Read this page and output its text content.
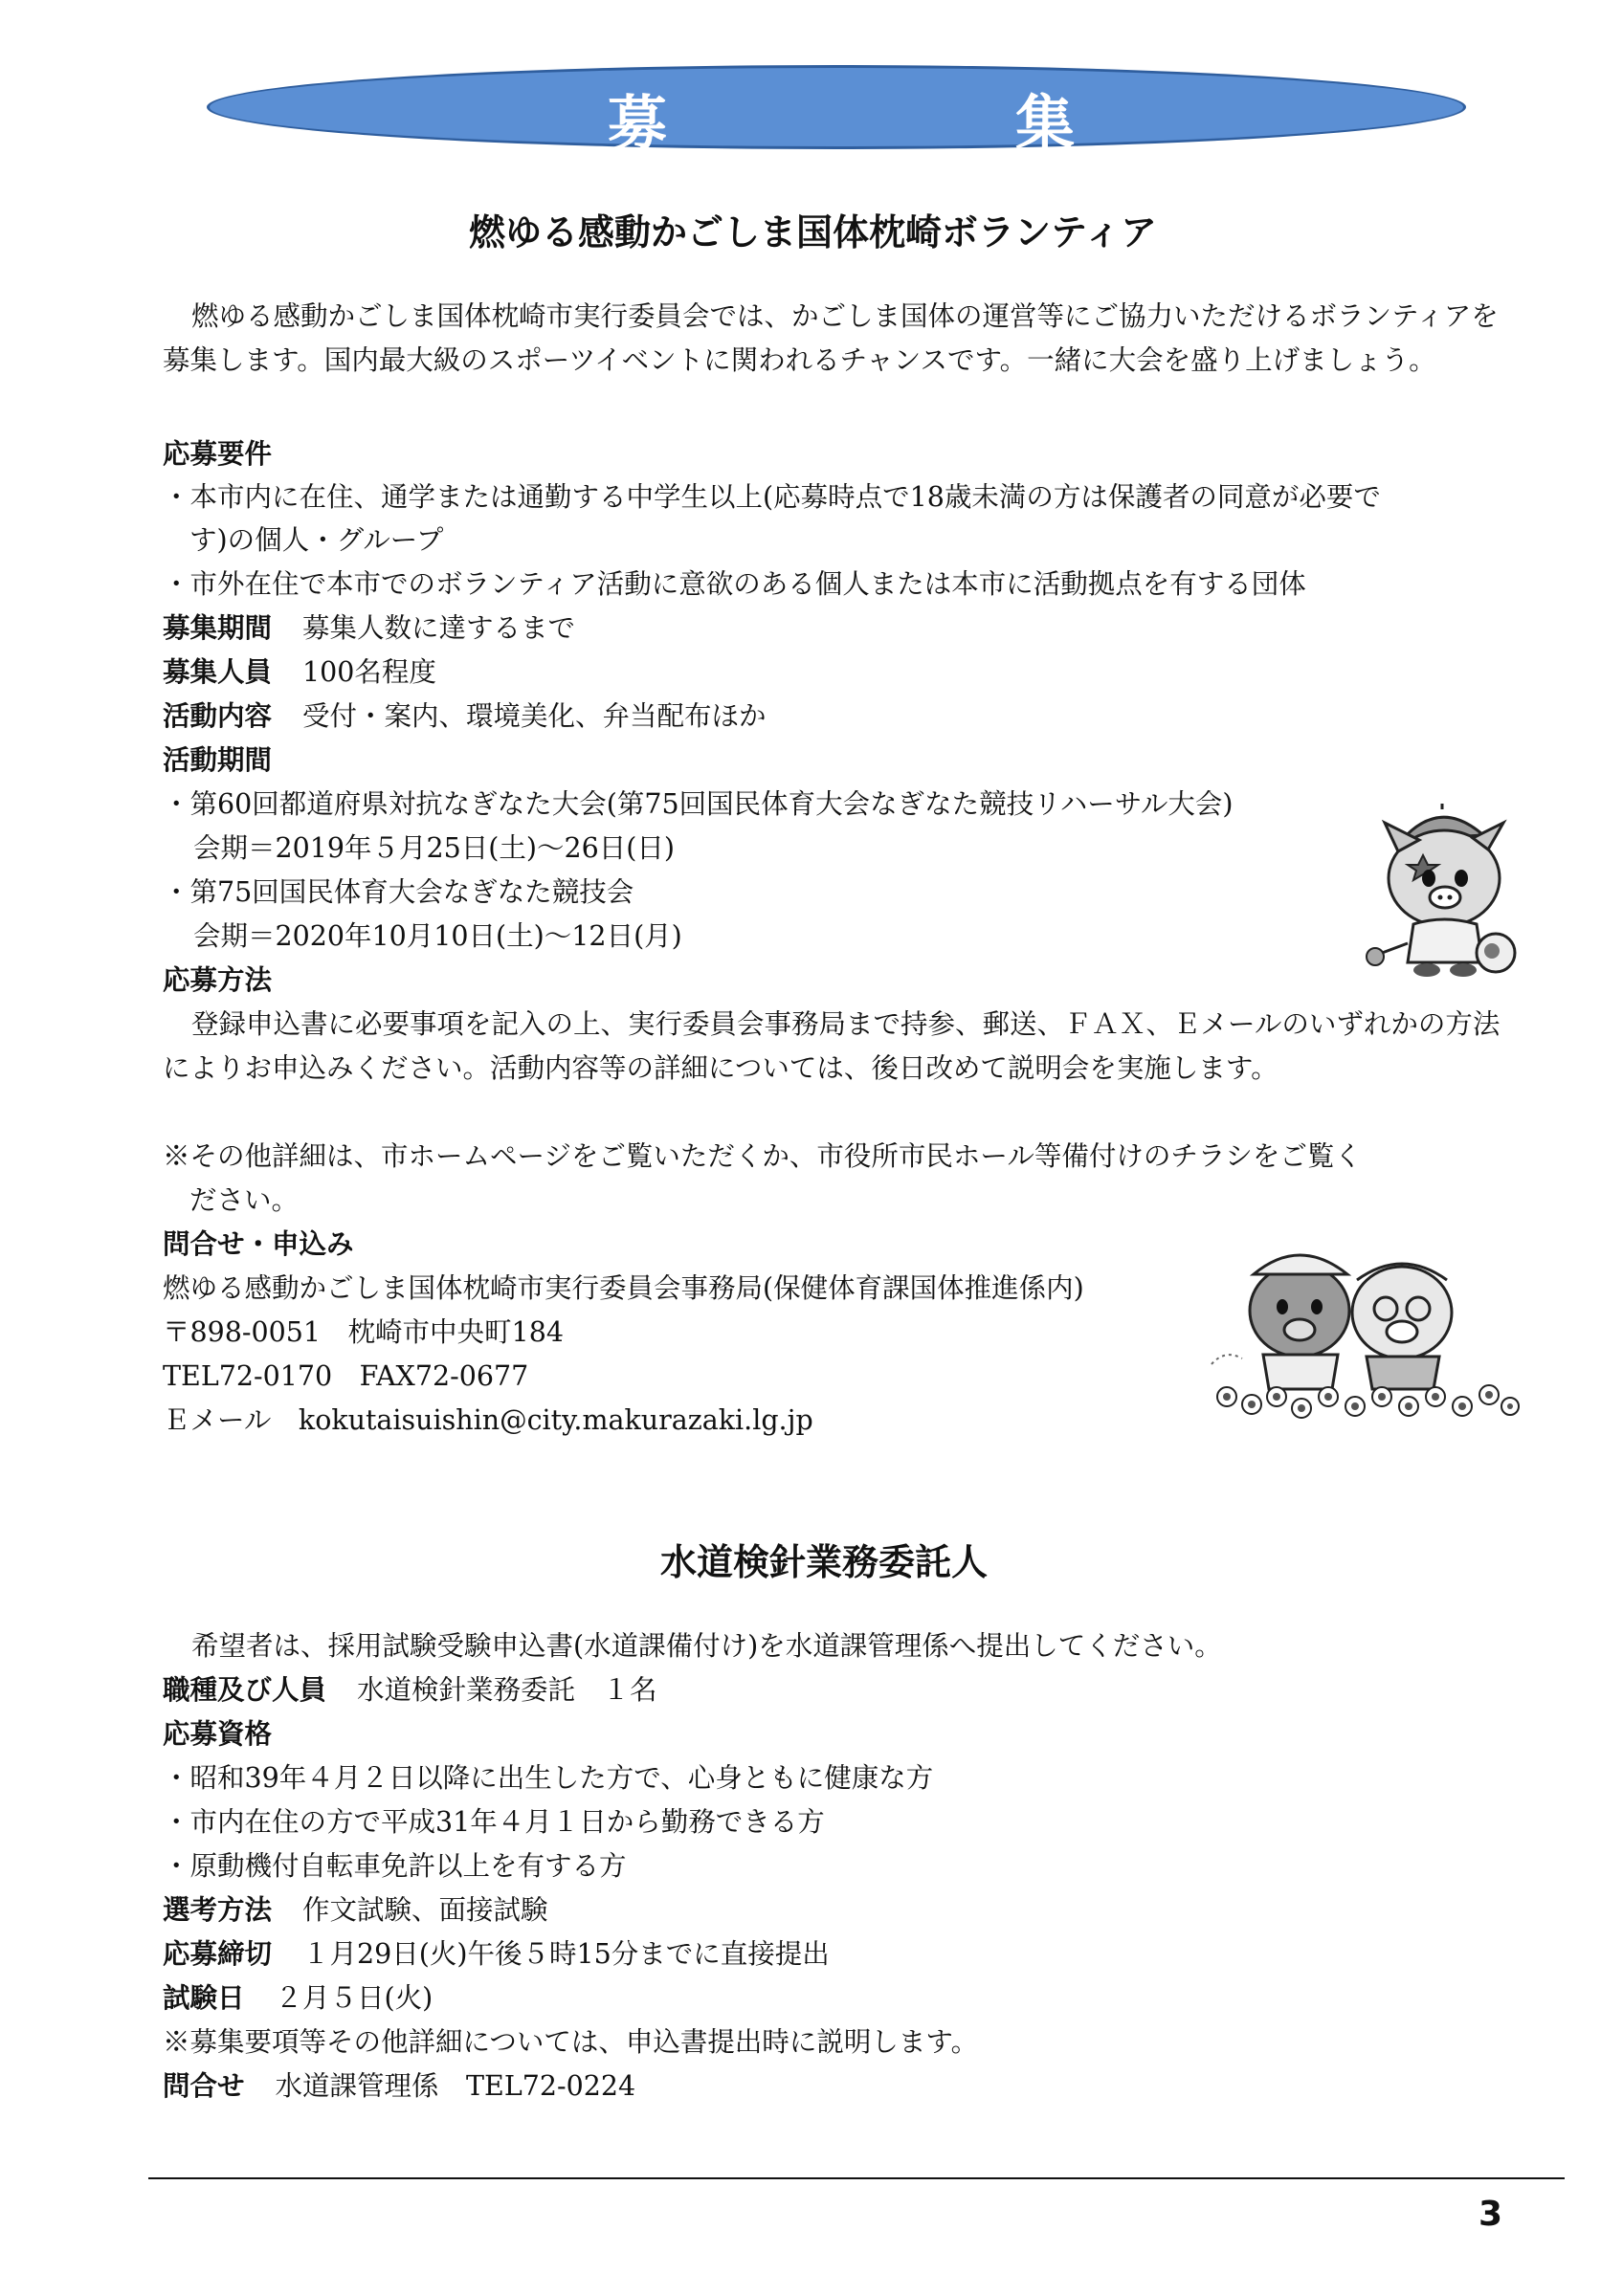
募	集
燃ゆる感動かごしま国体枕崎ボランティア
燃ゆる感動かごしま国体枕崎市実行委員会では、かごしま国体の運営等にご協力いただけるボランティアを募集します。国内最大級のスポーツイベントに関われるチャンスです。一緒に大会を盛り上げましょう。
応募要件
・本市内に在住、通学または通勤する中学生以上(応募時点で18歳未満の方は保護者の同意が必要で
す)の個人・グループ
・市外在住で本市でのボランティア活動に意欲のある個人または本市に活動拠点を有する団体
募集期間 募集人数に達するまで
募集人員 100名程度
活動内容 受付・案内、環境美化、弁当配布ほか
活動期間
・第60回都道府県対抗なぎなた大会(第75回国民体育大会なぎなた競技リハーサル大会)
会期＝2019年５月25日(土)～26日(日)
・第75回国民体育大会なぎなた競技会
会期＝2020年10月10日(土)～12日(月)
応募方法
登録申込書に必要事項を記入の上、実行委員会事務局まで持参、郵送、ＦＡＸ、Ｅメールのいずれかの方法によりお申込みください。活動内容等の詳細については、後日改めて説明会を実施します。
※その他詳細は、市ホームページをご覧いただくか、市役所市民ホール等備付けのチラシをご覧く
ださい。
問合せ・申込み
燃ゆる感動かごしま国体枕崎市実行委員会事務局(保健体育課国体推進係内)
〒898-0051　枕崎市中央町184
TEL72-0170　FAX72-0677
Ｅメール　kokutaisuishin@city.makurazaki.lg.jp
水道検針業務委託人
希望者は、採用試験受験申込書(水道課備付け)を水道課管理係へ提出してください。
職種及び人員 水道検針業務委託　１名
応募資格
・昭和39年４月２日以降に出生した方で、心身ともに健康な方
・市内在住の方で平成31年４月１日から勤務できる方
・原動機付自転車免許以上を有する方
選考方法 作文試験、面接試験
応募締切 １月29日(火)午後５時15分までに直接提出
試験日 ２月５日(火)
※募集要項等その他詳細については、申込書提出時に説明します。
問合せ 水道課管理係　TEL72-0224
3
